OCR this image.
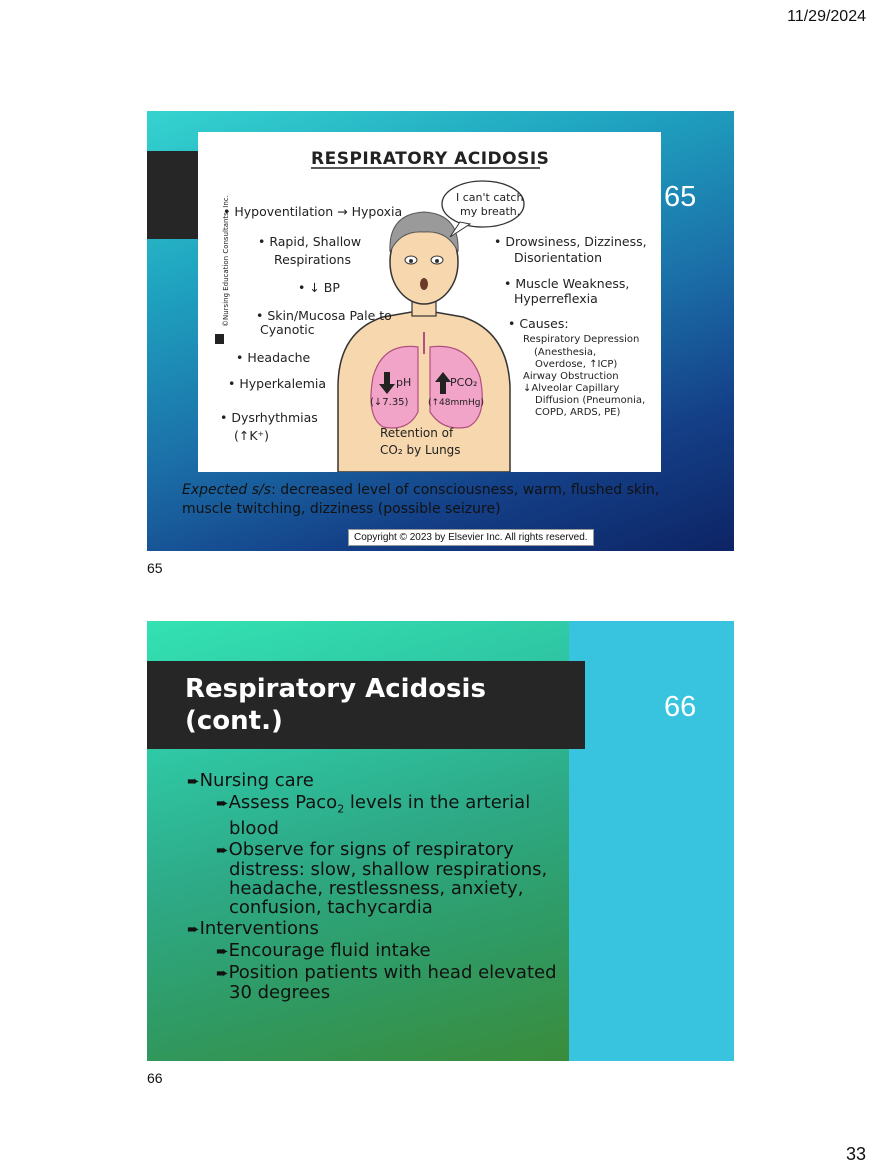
11/29/2024
65
RESPIRATORY ACIDOSIS
©Nursing Education Consultants, Inc.	I can't catch
my breath.
• Hypoventilation → Hypoxia
• Rapid, Shallow
Respirations
• ↓ BP
• Skin/Mucosa Pale to
Cyanotic
• Headache
• Hyperkalemia
• Dysrhythmias
(↑K⁺)
• Drowsiness, Dizziness,
Disorientation
• Muscle Weakness,
Hyperreflexia
• Causes:
Respiratory Depression
(Anesthesia,
Overdose, ↑ICP)
Airway Obstruction
↓Alveolar Capillary
Diffusion (Pneumonia,
COPD, ARDS, PE)
pH
(↓7.35)
PCO₂
(↑48mmHg)
Retention of
CO₂ by Lungs
Expected s/s: decreased level of consciousness, warm, flushed skin, muscle twitching, dizziness (possible seizure)
Copyright © 2023 by Elsevier Inc. All rights reserved.
65
Respiratory Acidosis
(cont.)	66
➨Nursing care
➨Assess Paco$_2$ levels in the arterial blood
➨Observe for signs of respiratory distress: slow, shallow respirations, headache, restlessness, anxiety, confusion, tachycardia
➨Interventions
➨Encourage fluid intake
➨Position patients with head elevated 30 degrees
66
33
